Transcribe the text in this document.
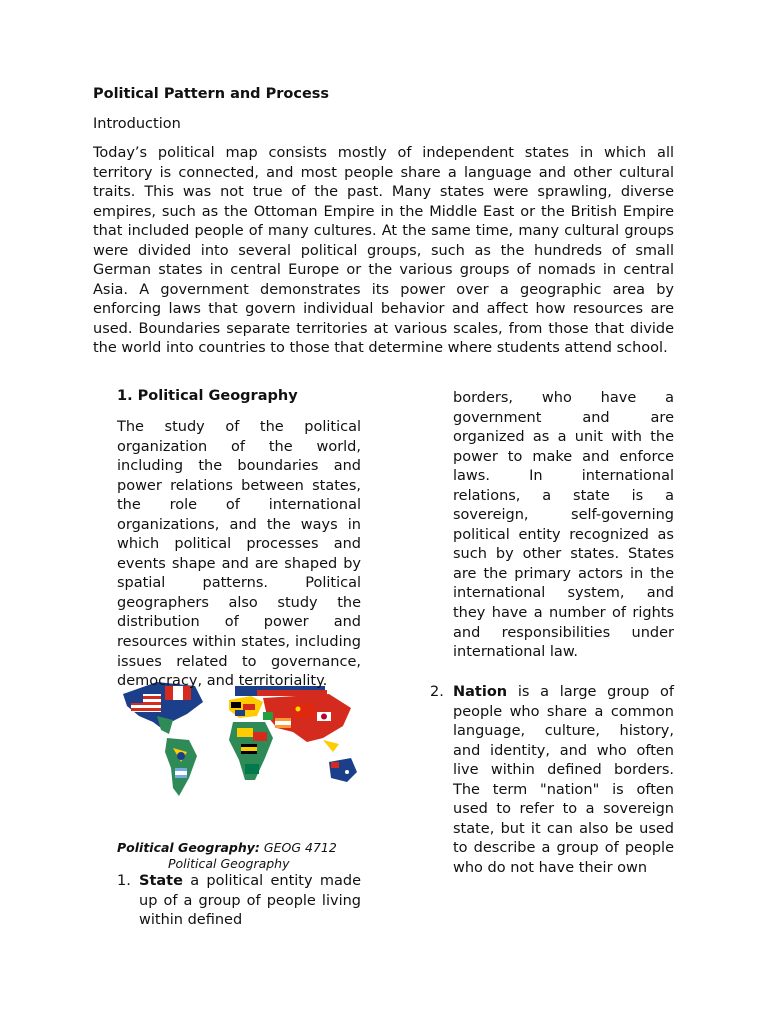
Political Pattern and Process

Introduction

Today’s political map consists mostly of independent states in which all territory is connected, and most people share a language and other cultural traits. This was not true of the past. Many states were sprawling, diverse empires, such as the Ottoman Empire in the Middle East or the British Empire that included people of many cultures. At the same time, many cultural groups were divided into several political groups, such as the hundreds of small German states in central Europe or the various groups of nomads in central Asia. A government demonstrates its power over a geographic area by enforcing laws that govern individual behavior and affect how resources are used. Boundaries separate territories at various scales, from those that divide the world into countries to those that determine where students attend school.

1. Political Geography

The study of the political organization of the world, including the boundaries and power relations between states, the role of international organizations, and the ways in which political processes and events shape and are shaped by spatial patterns. Political geographers also study the distribution of power and resources within states, including issues related to governance, democracy, and territoriality.

Political Geography: GEOG 4712
Political Geography
1. State a political entity made up of a group of people living within defined

borders, who have a government and are organized as a unit with the power to make and enforce laws. In international relations, a state is a sovereign, self-governing political entity recognized as such by other states. States are the primary actors in the international system, and they have a number of rights and responsibilities under international law.

2. Nation is a large group of people who share a common language, culture, history, and identity, and who often live within defined borders. The term "nation" is often used to refer to a sovereign state, but it can also be used to describe a group of people who do not have their own
